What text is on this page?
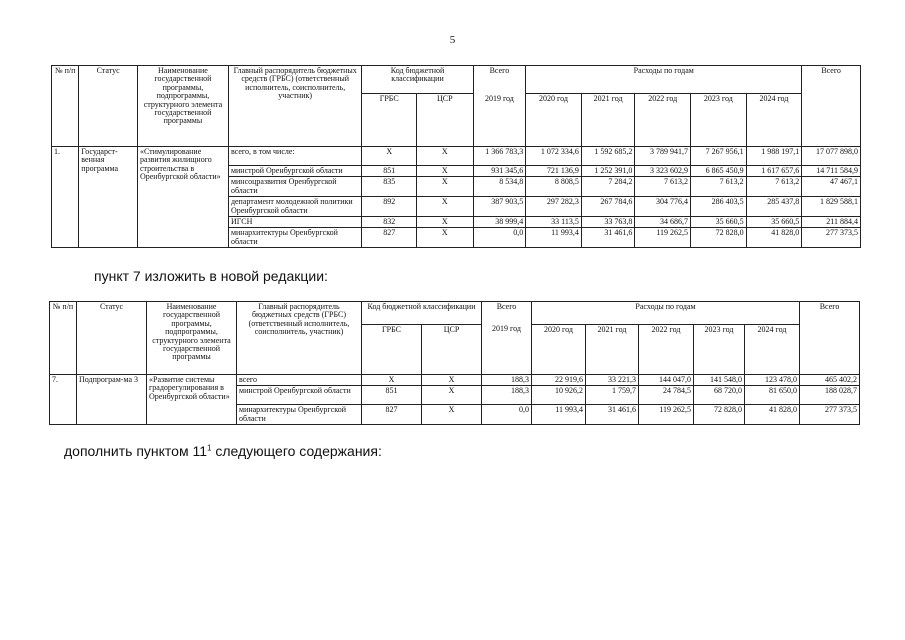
5
№ п/п	Статус	Наименование государственной программы, подпрограммы, структурного элемента государственной программы	Главный распорядитель бюджетных средств (ГРБС) (ответственный исполнитель, соисполнитель, участник)	Код бюджетной классификации		Всего	Расходы по годам					Всего
				ГРБС	ЦСР	2019 год	2020 год	2021 год	2022 год	2023 год	2024 год	
1.	Государст-венная программа	«Стимулирование развития жилищного строительства в Оренбургской области»	всего, в том числе:	Х	Х	1 366 783,3	1 072 334,6	1 592 685,2	3 789 941,7	7 267 956,1	1 988 197,1	17 077 898,0
			минстрой Оренбургской области	851	Х	931 345,6	721 136,9	1 252 391,0	3 323 602,9	6 865 450,9	1 617 657,6	14 711 584,9
			минсоцразвития Оренбургской области	835	Х	8 534,8	8 808,5	7 284,2	7 613,2	7 613,2	7 613,2	47 467,1
			департамент молодежной политики Оренбургской области	892	Х	387 903,5	297 282,3	267 784,6	304 776,4	286 403,5	285 437,8	1 829 588,1
			ИГСН	832	Х	38 999,4	33 113,5	33 763,8	34 686,7	35 660,5	35 660,5	211 884,4
			минархитектуры Оренбургской области	827	Х	0,0	11 993,4	31 461,6	119 262,5	72 828,0	41 828,0	277 373,5
пункт 7 изложить в новой редакции:
№ п/п	Статус	Наименование государственной программы, подпрограммы, структурного элемента государственной программы	Главный распорядитель бюджетных средств (ГРБС) (ответственный исполнитель, соисполнитель, участник)	Код бюджетной классификации		Всего	Расходы по годам					Всего
				ГРБС	ЦСР	2019 год	2020 год	2021 год	2022 год	2023 год	2024 год	
7.	Подпрограм-ма 3	«Развитие системы градорегулирования в Оренбургской области»	всего	Х	Х	188,3	22 919,6	33 221,3	144 047,0	141 548,0	123 478,0	465 402,2
			минстрой Оренбургской области	851	Х	188,3	10 926,2	1 759,7	24 784,5	68 720,0	81 650,0	188 028,7
			минархитектуры Оренбургской области	827	Х	0,0	11 993,4	31 461,6	119 262,5	72 828,0	41 828,0	277 373,5
дополнить пунктом $11^1$ следующего содержания:
